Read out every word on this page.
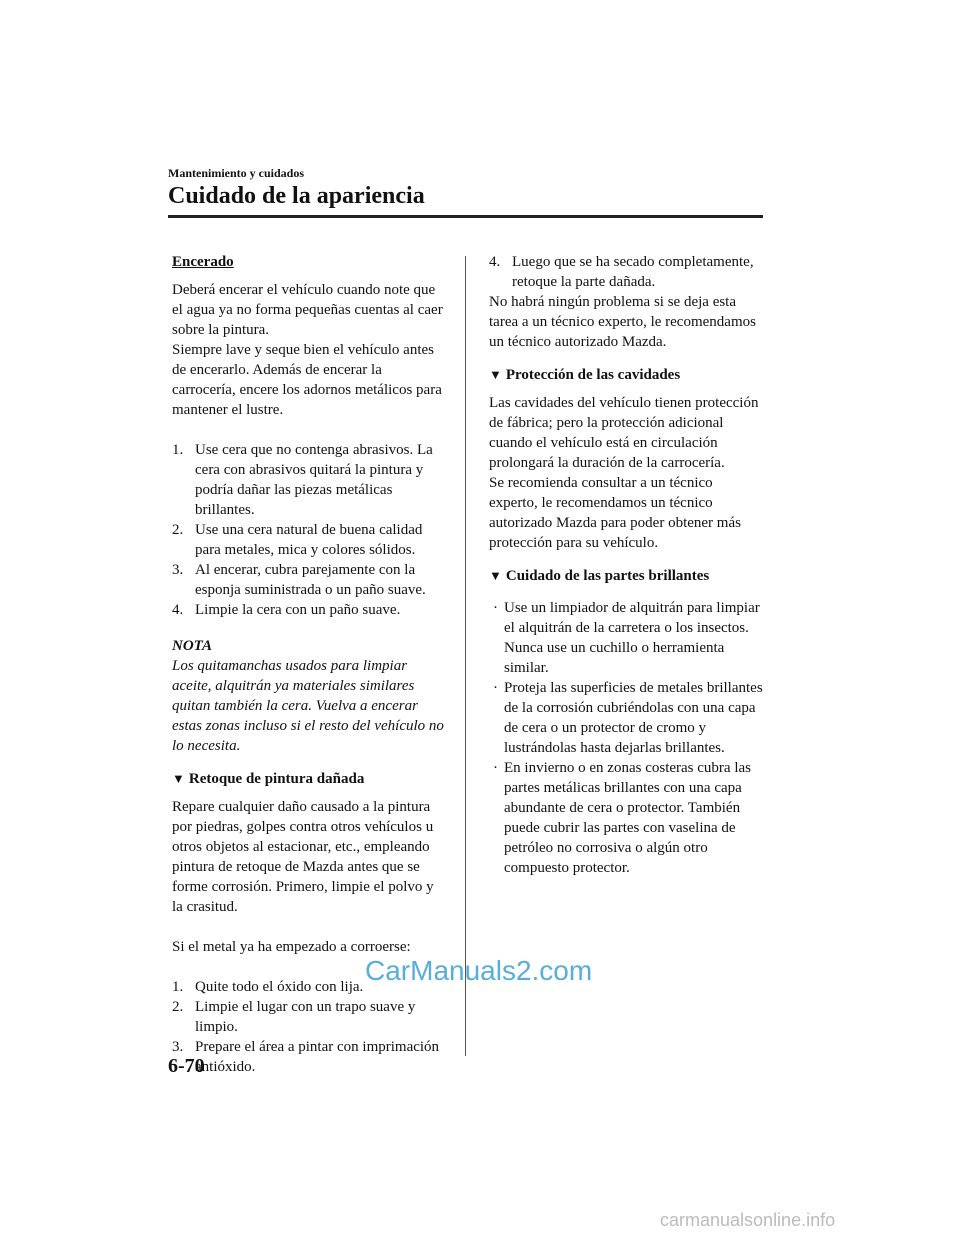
Mantenimiento y cuidados
Cuidado de la apariencia

Encerado

Deberá encerar el vehículo cuando note que el agua ya no forma pequeñas cuentas al caer sobre la pintura.

Siempre lave y seque bien el vehículo antes de encerarlo. Además de encerar la carrocería, encere los adornos metálicos para mantener el lustre.

1. Use cera que no contenga abrasivos. La cera con abrasivos quitará la pintura y podría dañar las piezas metálicas brillantes.
2. Use una cera natural de buena calidad para metales, mica y colores sólidos.
3. Al encerar, cubra parejamente con la esponja suministrada o un paño suave.
4. Limpie la cera con un paño suave.

NOTA

Los quitamanchas usados para limpiar aceite, alquitrán ya materiales similares quitan también la cera. Vuelva a encerar estas zonas incluso si el resto del vehículo no lo necesita.

▼ Retoque de pintura dañada

Repare cualquier daño causado a la pintura por piedras, golpes contra otros vehículos u otros objetos al estacionar, etc., empleando pintura de retoque de Mazda antes que se forme corrosión. Primero, limpie el polvo y la crasitud.

Si el metal ya ha empezado a corroerse:

1. Quite todo el óxido con lija.
2. Limpie el lugar con un trapo suave y limpio.
3. Prepare el área a pintar con imprimación antióxido.
4. Luego que se ha secado completamente, retoque la parte dañada.

No habrá ningún problema si se deja esta tarea a un técnico experto, le recomendamos un técnico autorizado Mazda.

▼ Protección de las cavidades

Las cavidades del vehículo tienen protección de fábrica; pero la protección adicional cuando el vehículo está en circulación prolongará la duración de la carrocería.

Se recomienda consultar a un técnico experto, le recomendamos un técnico autorizado Mazda para poder obtener más protección para su vehículo.

▼ Cuidado de las partes brillantes

· Use un limpiador de alquitrán para limpiar el alquitrán de la carretera o los insectos. Nunca use un cuchillo o herramienta similar.
· Proteja las superficies de metales brillantes de la corrosión cubriéndolas con una capa de cera o un protector de cromo y lustrándolas hasta dejarlas brillantes.
· En invierno o en zonas costeras cubra las partes metálicas brillantes con una capa abundante de cera o protector. También puede cubrir las partes con vaselina de petróleo no corrosiva o algún otro compuesto protector.
6-70
CarManuals2.com
carmanualsonline.info
